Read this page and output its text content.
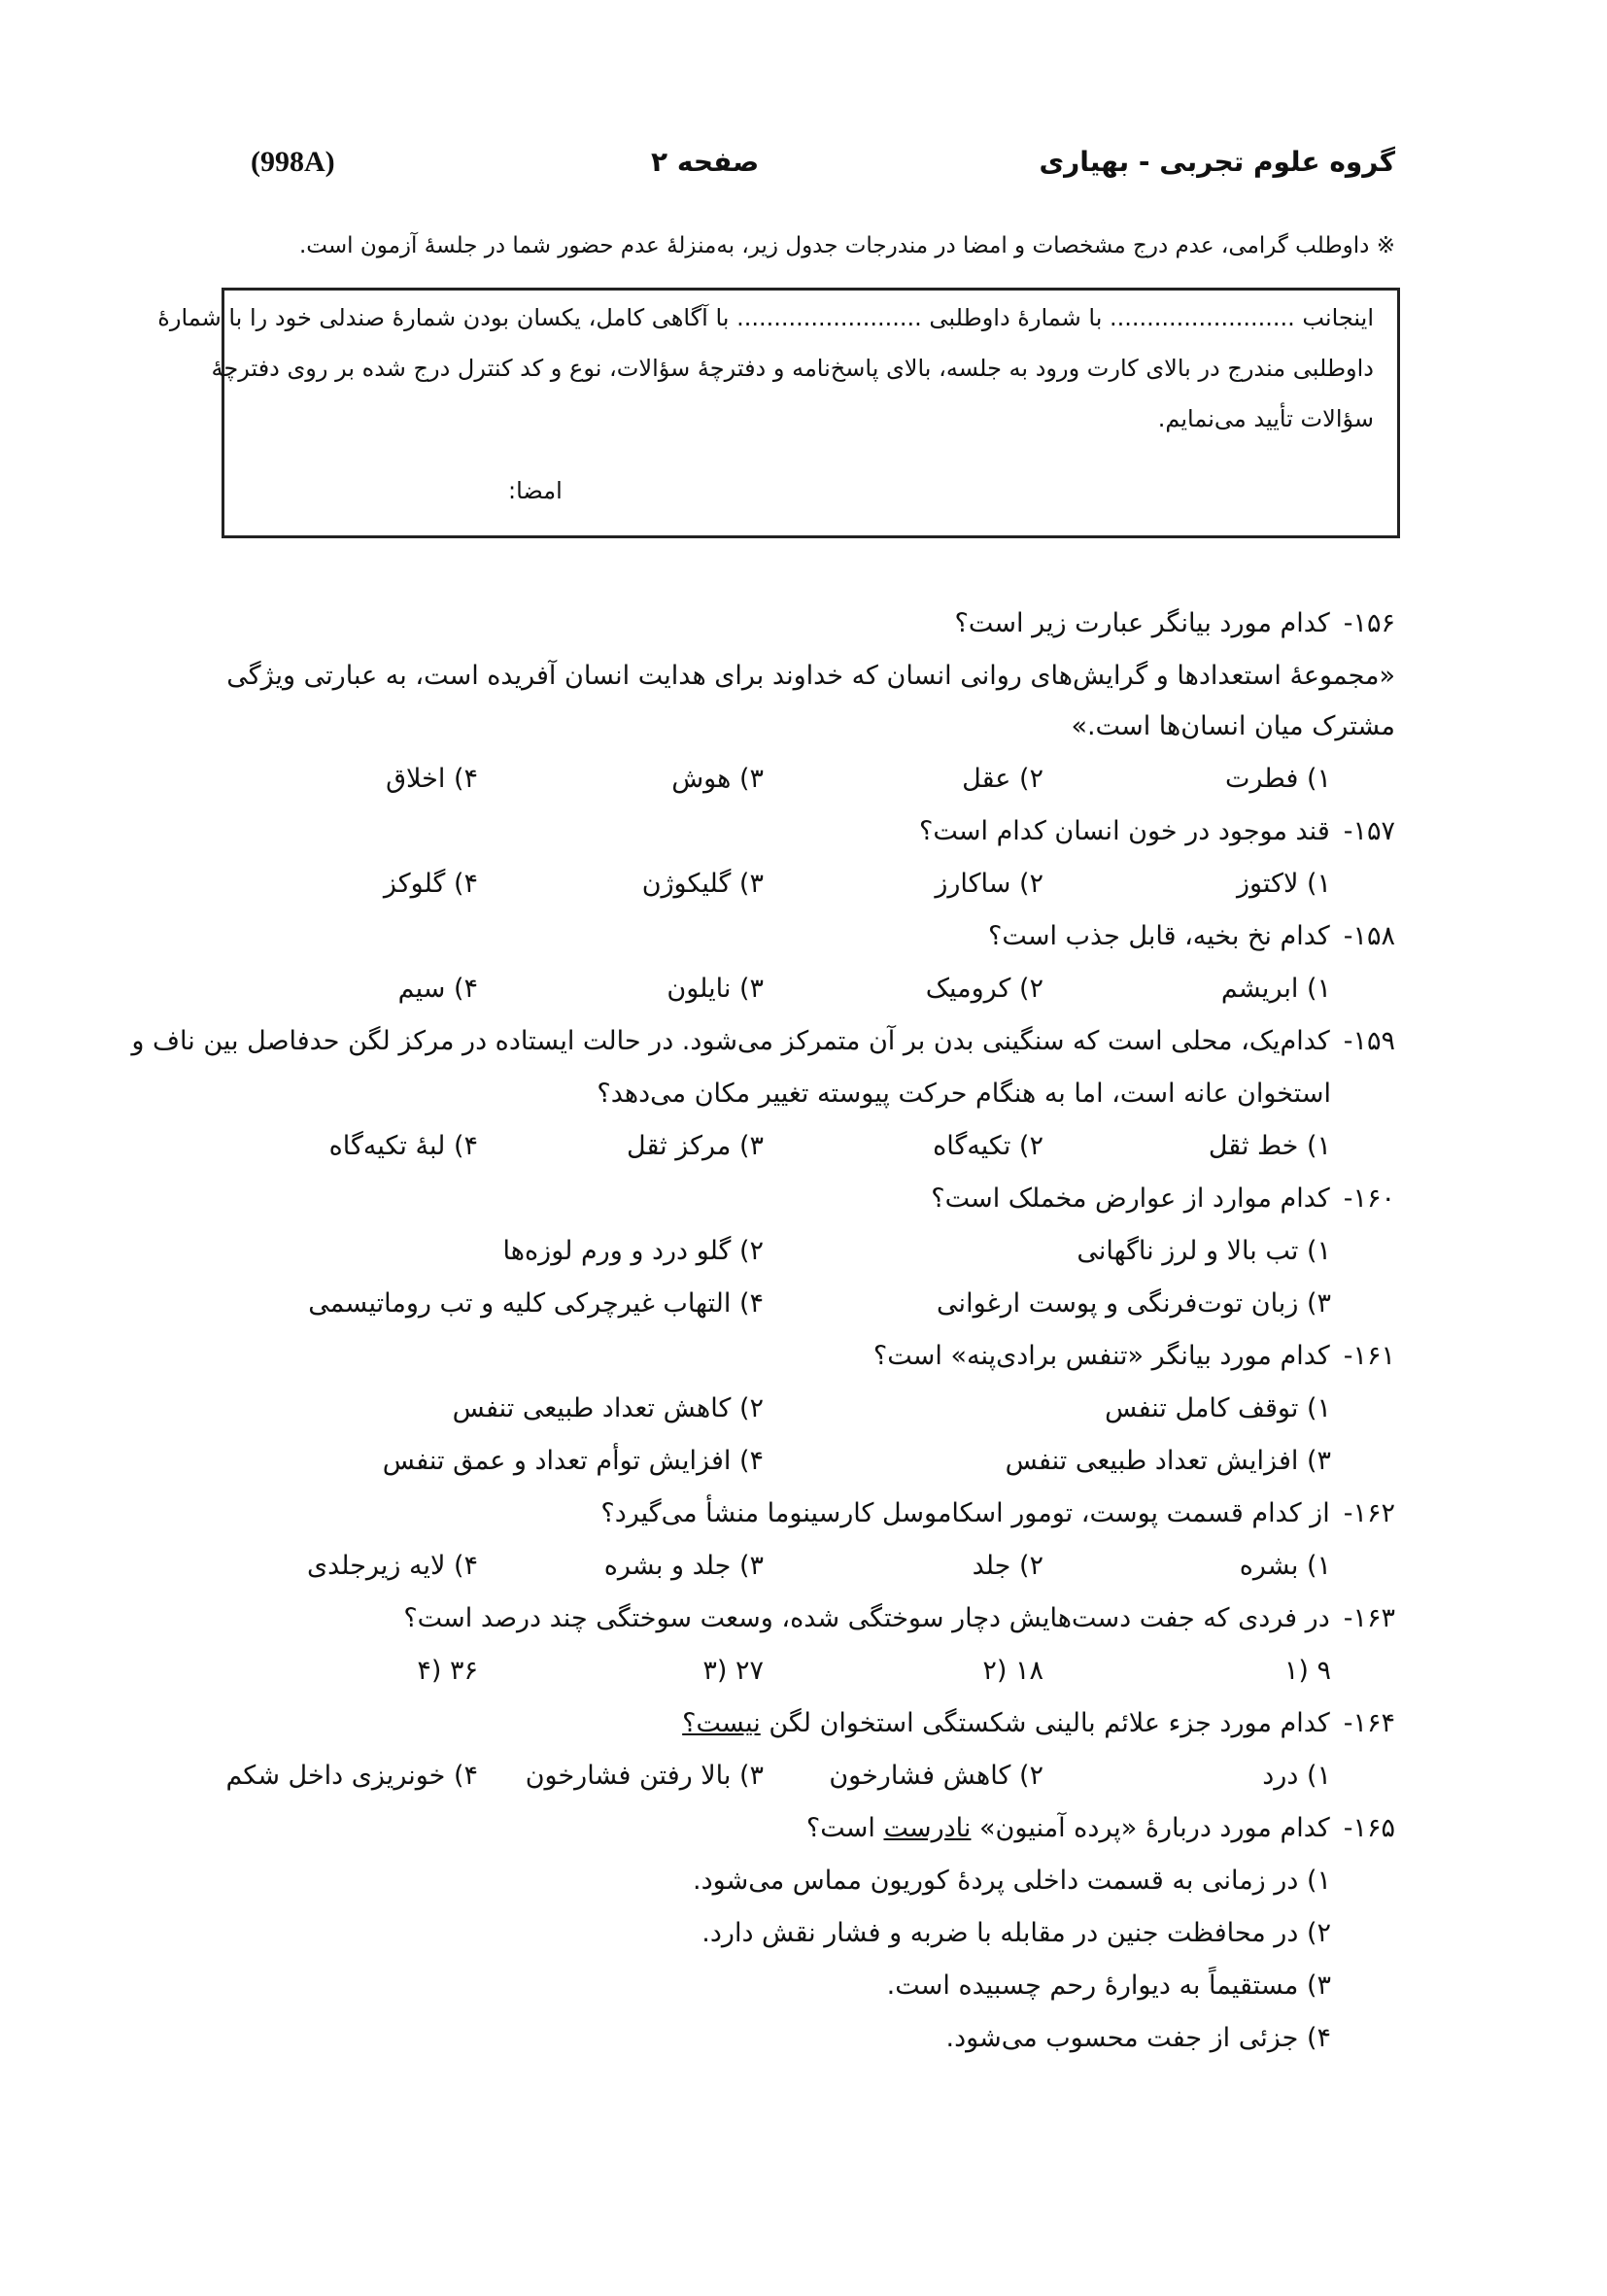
(998A)	صفحه ۲	گروه علوم تجربی - بهیاری
※ داوطلب گرامی، عدم درج مشخصات و امضا در مندرجات جدول زیر، به‌منزلهٔ عدم حضور شما در جلسهٔ آزمون است.
اینجانب ......................... با شمارهٔ داوطلبی ......................... با آگاهی کامل، یکسان بودن شمارهٔ صندلی خود را با شمارهٔ
داوطلبی مندرج در بالای کارت ورود به جلسه، بالای پاسخ‌نامه و دفترچهٔ سؤالات، نوع و کد کنترل درج شده بر روی دفترچهٔ
سؤالات تأیید می‌نمایم.
امضا:
۱۵۶-کدام مورد بیانگر عبارت زیر است؟
«مجموعهٔ استعدادها و گرایش‌های روانی انسان که خداوند برای هدایت انسان آفریده است، به عبارتی ویژگی
مشترک میان انسان‌ها است.»
۱) فطرت
۲) عقل
۳) هوش
۴) اخلاق
۱۵۷-قند موجود در خون انسان کدام است؟
۱) لاکتوز
۲) ساکارز
۳) گلیکوژن
۴) گلوکز
۱۵۸-کدام نخ بخیه، قابل جذب است؟
۱) ابریشم
۲) کرومیک
۳) نایلون
۴) سیم
۱۵۹-کدام‌یک، محلی است که سنگینی بدن بر آن متمرکز می‌شود. در حالت ایستاده در مرکز لگن حدفاصل بین ناف و
استخوان عانه است، اما به هنگام حرکت پیوسته تغییر مکان می‌دهد؟
۱) خط ثقل
۲) تکیه‌گاه
۳) مرکز ثقل
۴) لبهٔ تکیه‌گاه
۱۶۰-کدام موارد از عوارض مخملک است؟
۱) تب بالا و لرز ناگهانی
۲) گلو درد و ورم لوزه‌ها
۳) زبان توت‌فرنگی و پوست ارغوانی
۴) التهاب غیرچرکی کلیه و تب روماتیسمی
۱۶۱-کدام مورد بیانگر «تنفس برادی‌پنه» است؟
۱) توقف کامل تنفس
۲) کاهش تعداد طبیعی تنفس
۳) افزایش تعداد طبیعی تنفس
۴) افزایش توأم تعداد و عمق تنفس
۱۶۲-از کدام قسمت پوست، تومور اسکاموسل کارسینوما منشأ می‌گیرد؟
۱) بشره
۲) جلد
۳) جلد و بشره
۴) لایه زیرجلدی
۱۶۳-در فردی که جفت دست‌هایش دچار سوختگی شده، وسعت سوختگی چند درصد است؟
۱) ۹
۲) ۱۸
۳) ۲۷
۴) ۳۶
۱۶۴-کدام مورد جزء علائم بالینی شکستگی استخوان لگن نیست؟
۱) درد
۲) کاهش فشارخون
۳) بالا رفتن فشارخون
۴) خونریزی داخل شکم
۱۶۵-کدام مورد دربارهٔ «پرده آمنیون» نادرست است؟
۱) در زمانی به قسمت داخلی پردهٔ کوریون مماس می‌شود.
۲) در محافظت جنین در مقابله با ضربه و فشار نقش دارد.
۳) مستقیماً به دیوارهٔ رحم چسبیده است.
۴) جزئی از جفت محسوب می‌شود.
